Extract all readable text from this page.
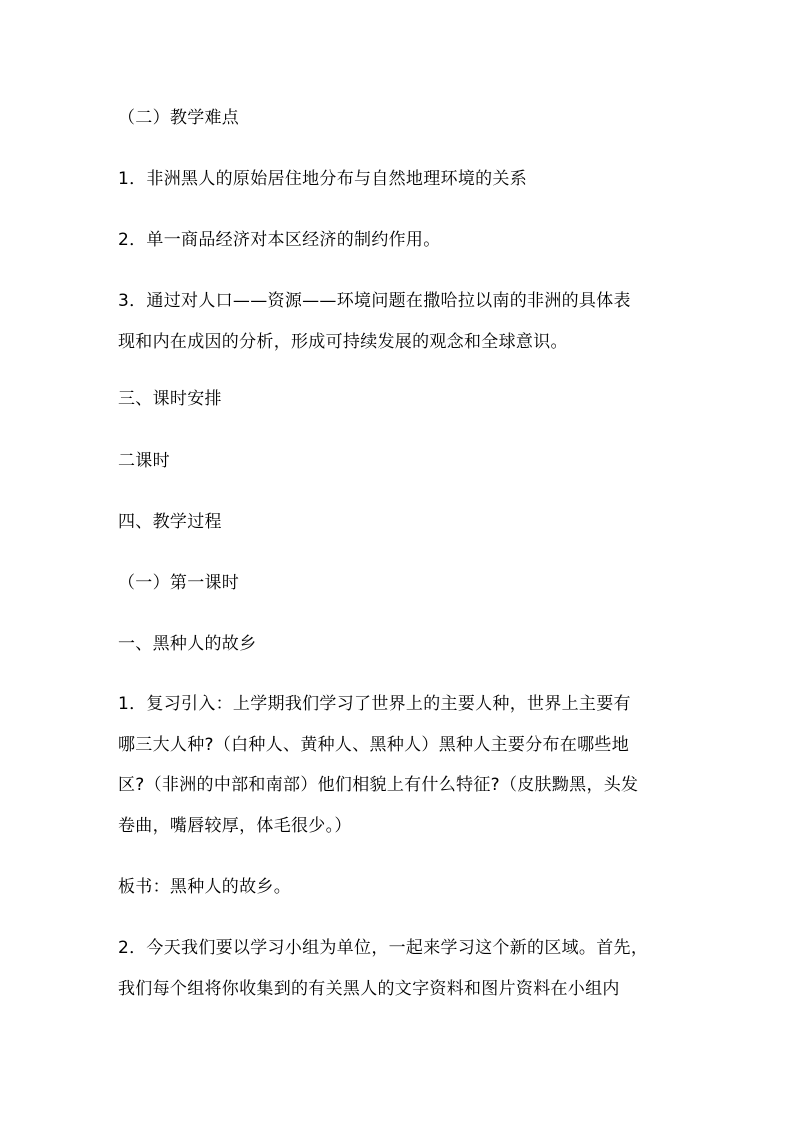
（二）教学难点
1．非洲黑人的原始居住地分布与自然地理环境的关系
2．单一商品经济对本区经济的制约作用。
3．通过对人口——资源——环境问题在撒哈拉以南的非洲的具体表
现和内在成因的分析，形成可持续发展的观念和全球意识。
三、课时安排
二课时
四、教学过程
（一）第一课时
一、黑种人的故乡
1．复习引入：上学期我们学习了世界上的主要人种，世界上主要有
哪三大人种?（白种人、黄种人、黑种人）黑种人主要分布在哪些地
区?（非洲的中部和南部）他们相貌上有什么特征?（皮肤黝黑，头发
卷曲，嘴唇较厚，体毛很少。）
板书：黑种人的故乡。
2．今天我们要以学习小组为单位，一起来学习这个新的区域。首先，
我们每个组将你收集到的有关黑人的文字资料和图片资料在小组内
